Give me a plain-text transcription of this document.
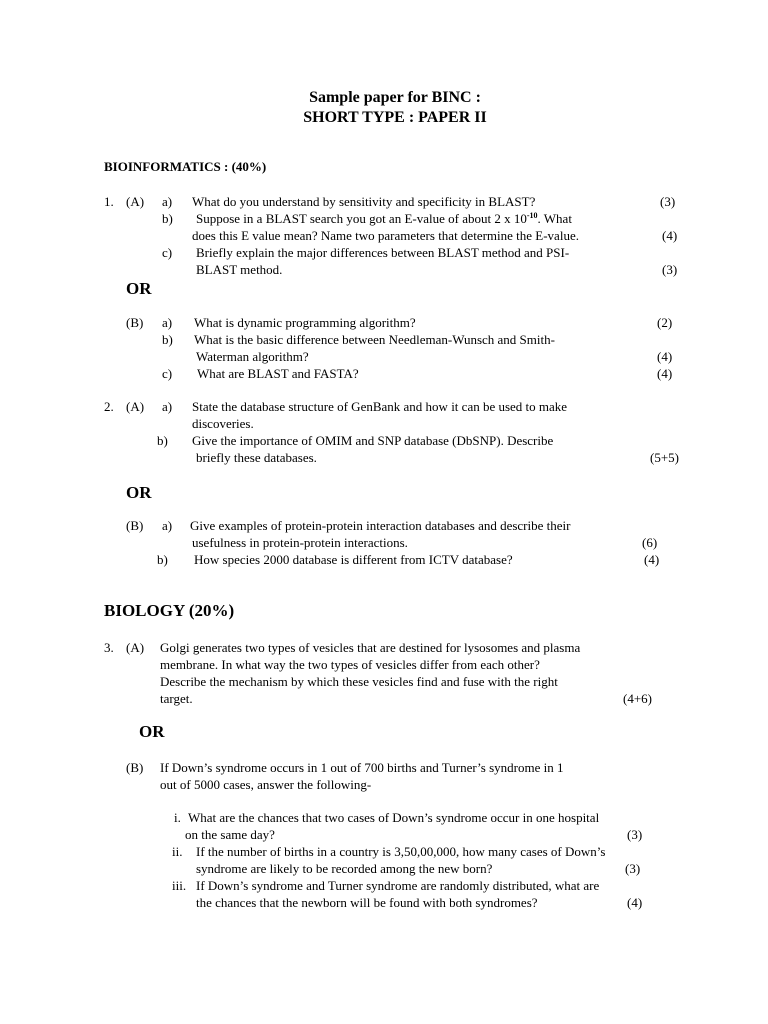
Sample paper for BINC :
SHORT TYPE : PAPER II
BIOINFORMATICS : (40%)
1. (A) a) What do you understand by sensitivity and specificity in BLAST?	(3)
b) Suppose in a BLAST search you got an E-value of about 2 x $10^{-10}$. What
does this E value mean? Name two parameters that determine the E-value.	(4)
c) Briefly explain the major differences between BLAST method and PSI-
BLAST method.	(3)
OR
(B) a) What is dynamic programming algorithm?	(2)
b) What is the basic difference between Needleman-Wunsch and Smith-
Waterman algorithm?	(4)
c) What are BLAST and FASTA?	(4)
2. (A) a) State the database structure of GenBank and how it can be used to make
discoveries.
b) Give the importance of OMIM and SNP database (DbSNP). Describe
briefly these databases.	(5+5)
OR
(B) a) Give examples of protein-protein interaction databases and describe their
usefulness in protein-protein interactions.	(6)
b) How species 2000 database is different from ICTV database?	(4)
BIOLOGY (20%)
3. (A) Golgi generates two types of vesicles that are destined for lysosomes and plasma
membrane. In what way the two types of vesicles differ from each other?
Describe the mechanism by which these vesicles find and fuse with the right
target.	(4+6)
OR
(B) If Down’s syndrome occurs in 1 out of 700 births and Turner’s syndrome in 1
out of 5000 cases, answer the following-
i. What are the chances that two cases of Down’s syndrome occur in one hospital
on the same day?	(3)
ii. If the number of births in a country is 3,50,00,000, how many cases of Down’s
syndrome are likely to be recorded among the new born?	(3)
iii. If Down’s syndrome and Turner syndrome are randomly distributed, what are
the chances that the newborn will be found with both syndromes?	(4)
